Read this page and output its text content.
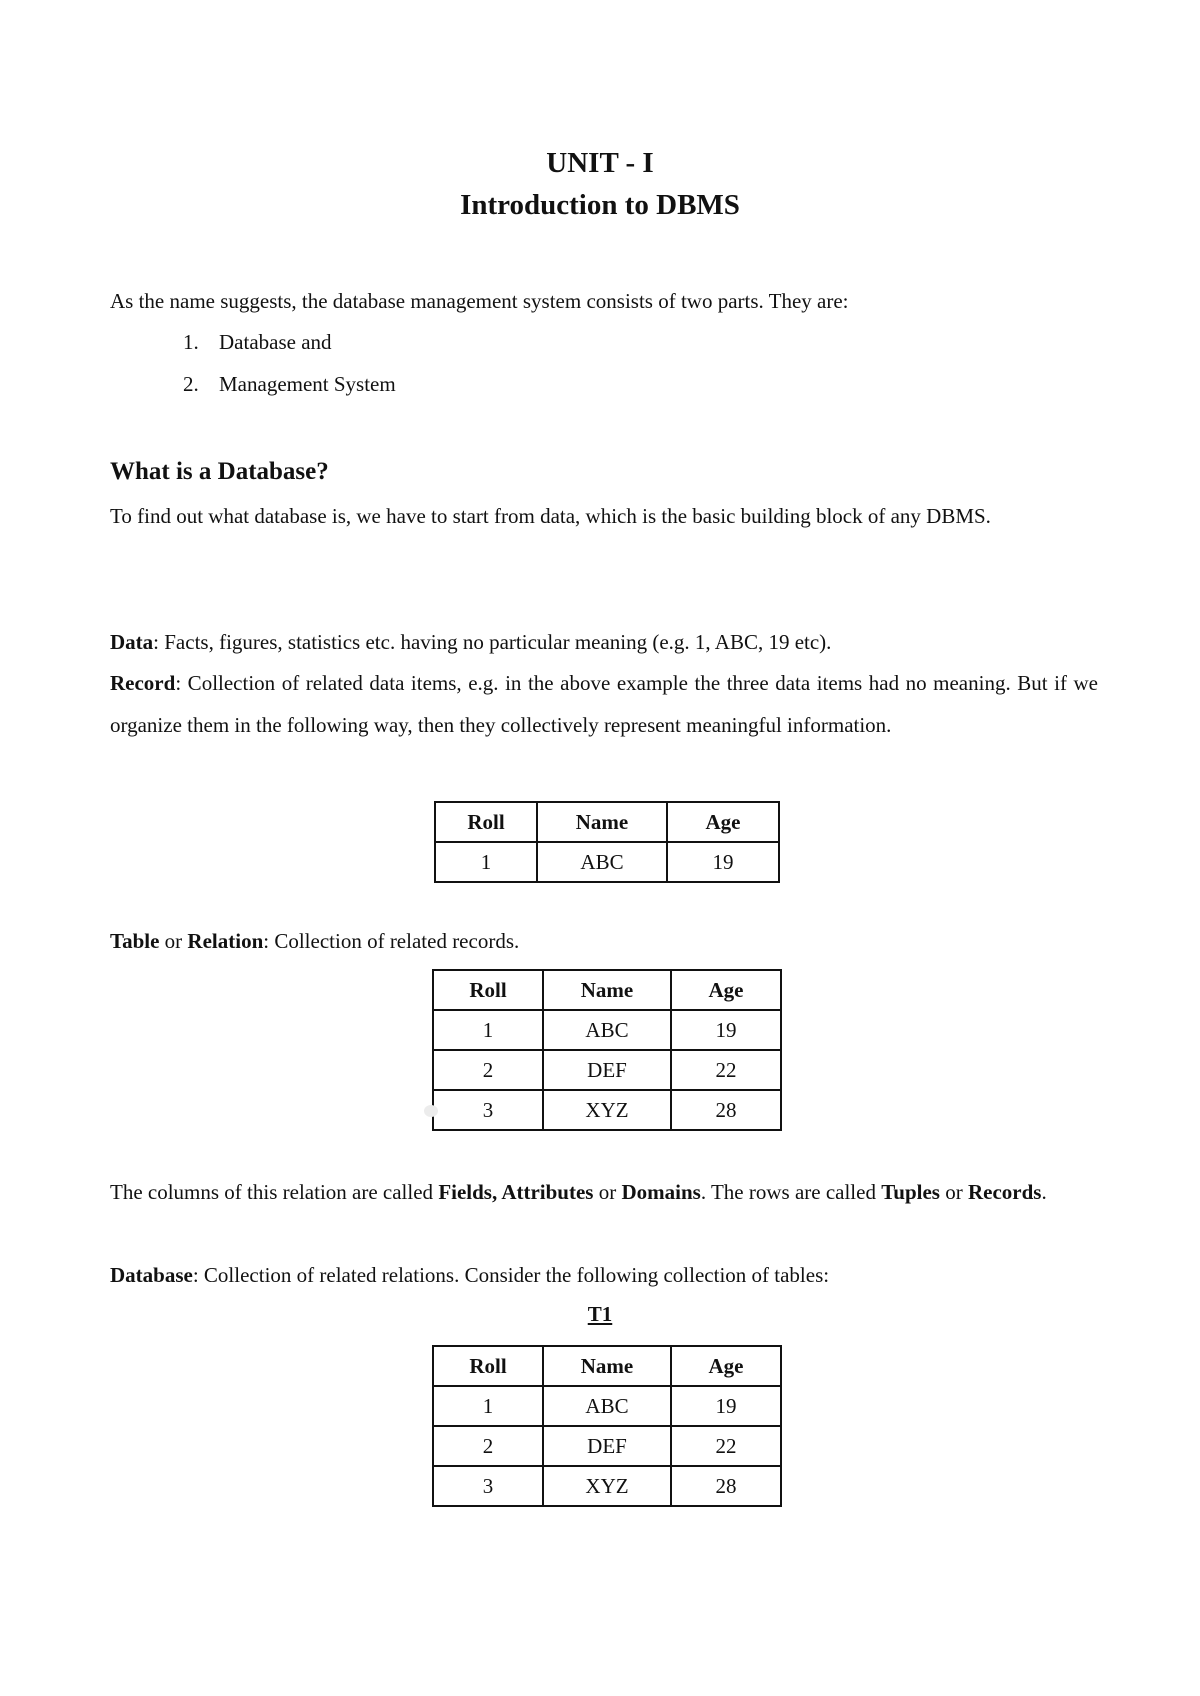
UNIT - I
Introduction to DBMS
As the name suggests, the database management system consists of two parts. They are:
1. Database and
2. Management System
What is a Database?
To find out what database is, we have to start from data, which is the basic building block of any DBMS.
Data: Facts, figures, statistics etc. having no particular meaning (e.g. 1, ABC, 19 etc).
Record: Collection of related data items, e.g. in the above example the three data items had no meaning. But if we organize them in the following way, then they collectively represent meaningful information.
Roll	Name	Age
1	ABC	19
Table or Relation: Collection of related records.
Roll	Name	Age
1	ABC	19
2	DEF	22
3	XYZ	28
The columns of this relation are called Fields, Attributes or Domains. The rows are called Tuples or Records.
Database: Collection of related relations. Consider the following collection of tables:
T1
Roll	Name	Age
1	ABC	19
2	DEF	22
3	XYZ	28
